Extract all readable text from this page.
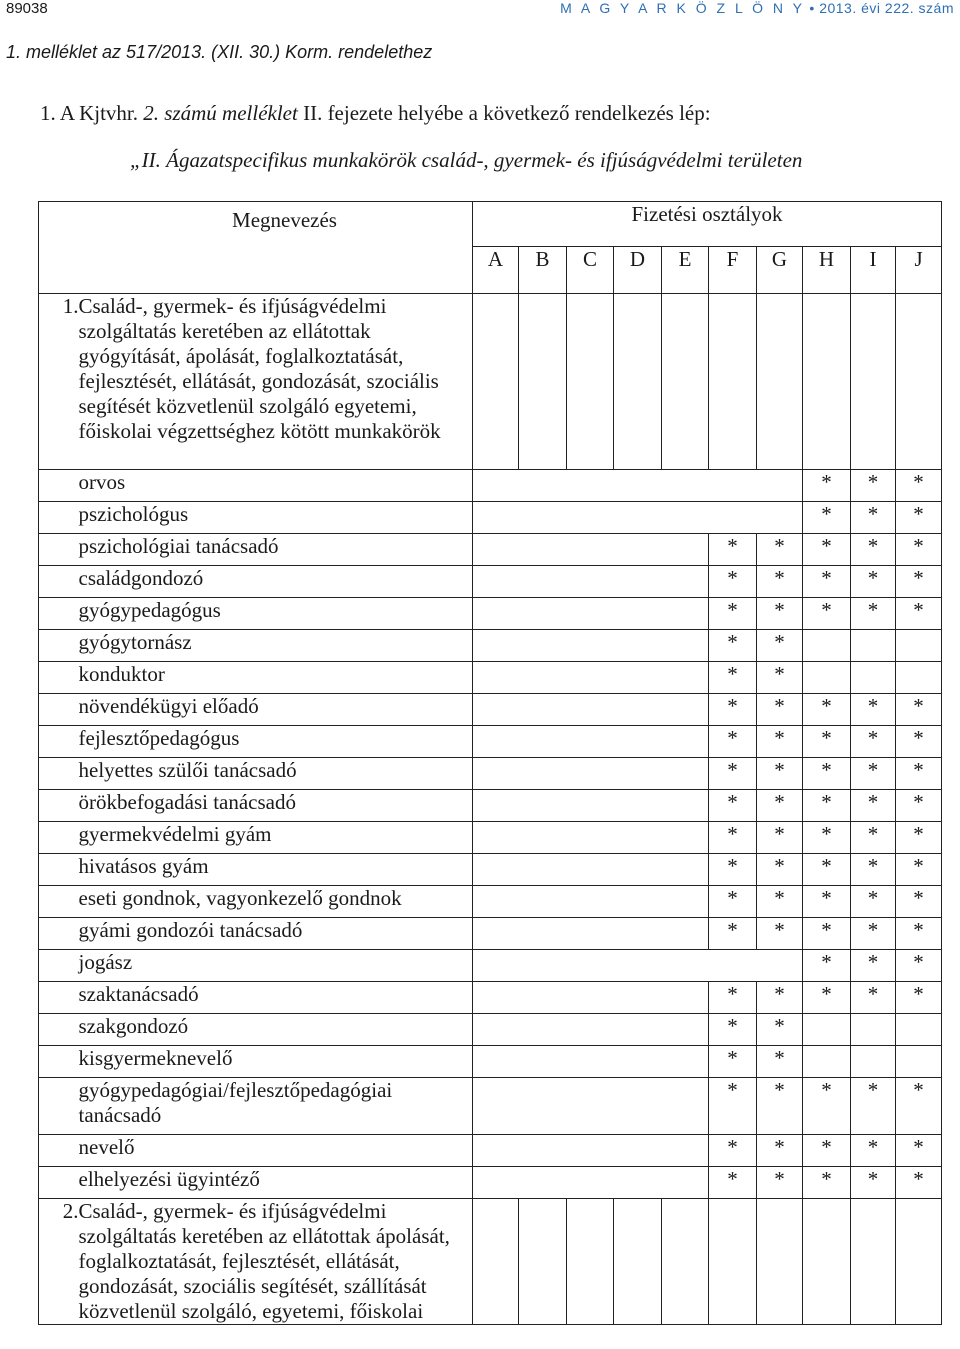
89038	M A G Y A R K Ö Z L Ö N Y • 2013. évi 222. szám
1. melléklet az 517/2013. (XII. 30.) Korm. rendelethez
1. A Kjtvhr. 2. számú melléklet II. fejezete helyébe a következő rendelkezés lép:
„II. Ágazatspecifikus munkakörök család-, gyermek- és ifjúságvédelmi területen
Megnevezés		Fizetési osztályok									
		A	B	C	D	E	F	G	H	I	J
1.	Család-, gyermek- és ifjúságvédelmi szolgáltatás keretében az ellátottak gyógyítását, ápolását, foglalkoztatását, fejlesztését, ellátását, gondozását, szociális segítését közvetlenül szolgáló egyetemi, főiskolai végzettséghez kötött munkakörök										
	orvos								*	*	*
	pszichológus								*	*	*
	pszichológiai tanácsadó						*	*	*	*	*
	családgondozó						*	*	*	*	*
	gyógypedagógus						*	*	*	*	*
	gyógytornász						*	*			
	konduktor						*	*			
	növendékügyi előadó						*	*	*	*	*
	fejlesztőpedagógus						*	*	*	*	*
	helyettes szülői tanácsadó						*	*	*	*	*
	örökbefogadási tanácsadó						*	*	*	*	*
	gyermekvédelmi gyám						*	*	*	*	*
	hivatásos gyám						*	*	*	*	*
	eseti gondnok, vagyonkezelő gondnok						*	*	*	*	*
	gyámi gondozói tanácsadó						*	*	*	*	*
	jogász								*	*	*
	szaktanácsadó						*	*	*	*	*
	szakgondozó						*	*			
	kisgyermeknevelő						*	*			
	gyógypedagógiai/fejlesztőpedagógiai tanácsadó						*	*	*	*	*
	nevelő						*	*	*	*	*
	elhelyezési ügyintéző						*	*	*	*	*
2.	Család-, gyermek- és ifjúságvédelmi szolgáltatás keretében az ellátottak ápolását, foglalkoztatását, fejlesztését, ellátását, gondozását, szociális segítését, szállítását közvetlenül szolgáló, egyetemi, főiskolai										
